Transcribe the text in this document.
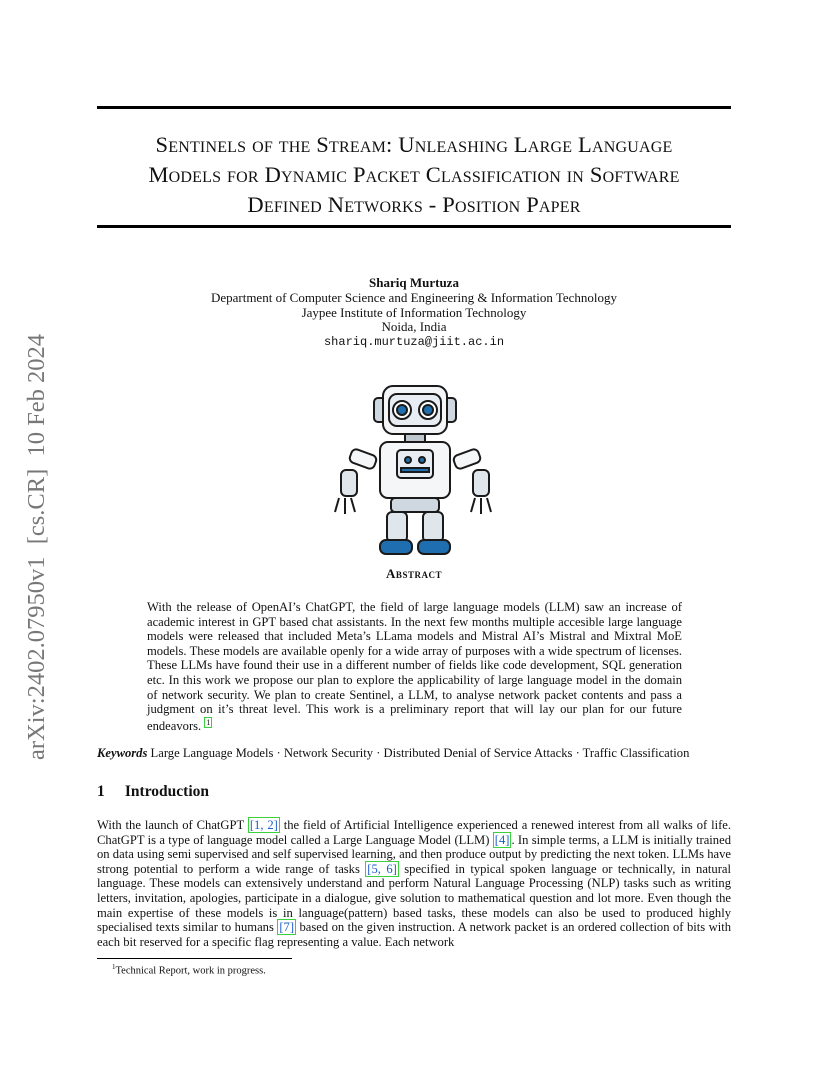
Sentinels of the Stream: Unleashing Large Language
Models for Dynamic Packet Classification in Software
Defined Networks - Position Paper
arXiv:2402.07950v1  [cs.CR]  10 Feb 2024
Shariq Murtuza
Department of Computer Science and Engineering & Information Technology
Jaypee Institute of Information Technology
Noida, India
shariq.murtuza@jiit.ac.in
Abstract
With the release of OpenAI’s ChatGPT, the field of large language models (LLM) saw an increase of academic interest in GPT based chat assistants. In the next few months multiple accesible large language models were released that included Meta’s LLama models and Mistral AI’s Mistral and Mixtral MoE models. These models are available openly for a wide array of purposes with a wide spectrum of licenses. These LLMs have found their use in a different number of fields like code development, SQL generation etc. In this work we propose our plan to explore the applicability of large language model in the domain of network security. We plan to create Sentinel, a LLM, to analyse network packet contents and pass a judgment on it’s threat level. This work is a preliminary report that will lay our plan for our future endeavors. 1
Keywords Large Language Models · Network Security · Distributed Denial of Service Attacks · Traffic Classification
1 Introduction
With the launch of ChatGPT [1, 2] the field of Artificial Intelligence experienced a renewed interest from all walks of life. ChatGPT is a type of language model called a Large Language Model (LLM) [4] . In simple terms, a LLM is initially trained on data using semi supervised and self supervised learning, and then produce output by predicting the next token. LLMs have strong potential to perform a wide range of tasks [5, 6] specified in typical spoken language or technically, in natural language. These models can extensively understand and perform Natural Language Processing (NLP) tasks such as writing letters, invitation, apologies, participate in a dialogue, give solution to mathematical question and lot more. Even though the main expertise of these models is in language(pattern) based tasks, these models can also be used to produced highly specialised texts similar to humans [7] based on the given instruction. A network packet is an ordered collection of bits with each bit reserved for a specific flag representing a value. Each network
$^1$Technical Report, work in progress.
